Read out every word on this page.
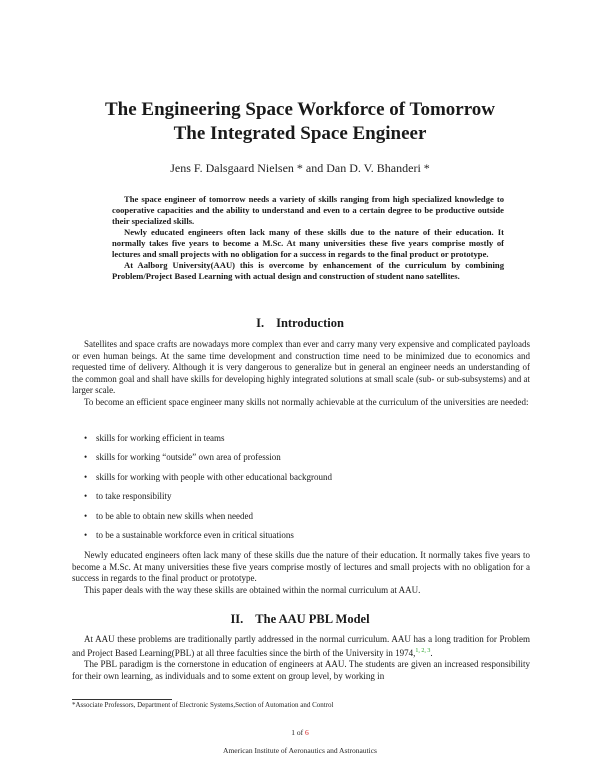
The Engineering Space Workforce of Tomorrow
The Integrated Space Engineer
Jens F. Dalsgaard Nielsen * and Dan D. V. Bhanderi *

The space engineer of tomorrow needs a variety of skills ranging from high specialized knowledge to cooperative capacities and the ability to understand and even to a certain degree to be productive outside their specialized skills.

Newly educated engineers often lack many of these skills due to the nature of their education. It normally takes five years to become a M.Sc. At many universities these five years comprise mostly of lectures and small projects with no obligation for a success in regards to the final product or prototype.

At Aalborg University(AAU) this is overcome by enhancement of the curriculum by combining Problem/Project Based Learning with actual design and construction of student nano satellites.

I. Introduction

Satellites and space crafts are nowadays more complex than ever and carry many very expensive and complicated payloads or even human beings. At the same time development and construction time need to be minimized due to economics and requested time of delivery. Although it is very dangerous to generalize but in general an engineer needs an understanding of the common goal and shall have skills for developing highly integrated solutions at small scale (sub- or sub-subsystems) and at larger scale.

To become an efficient space engineer many skills not normally achievable at the curriculum of the universities are needed:

• skills for working efficient in teams
• skills for working “outside” own area of profession
• skills for working with people with other educational background
• to take responsibility
• to be able to obtain new skills when needed
• to be a sustainable workforce even in critical situations

Newly educated engineers often lack many of these skills due the nature of their education. It normally takes five years to become a M.Sc. At many universities these five years comprise mostly of lectures and small projects with no obligation for a success in regards to the final product or prototype.

This paper deals with the way these skills are obtained within the normal curriculum at AAU.

II. The AAU PBL Model

At AAU these problems are traditionally partly addressed in the normal curriculum. AAU has a long tradition for Problem and Project Based Learning(PBL) at all three faculties since the birth of the University in 1974,$^{1, 2, 3}$.

The PBL paradigm is the cornerstone in education of engineers at AAU. The students are given an increased responsibility for their own learning, as individuals and to some extent on group level, by working in

*Associate Professors, Department of Electronic Systems,Section of Automation and Control
1 of 6
American Institute of Aeronautics and Astronautics
